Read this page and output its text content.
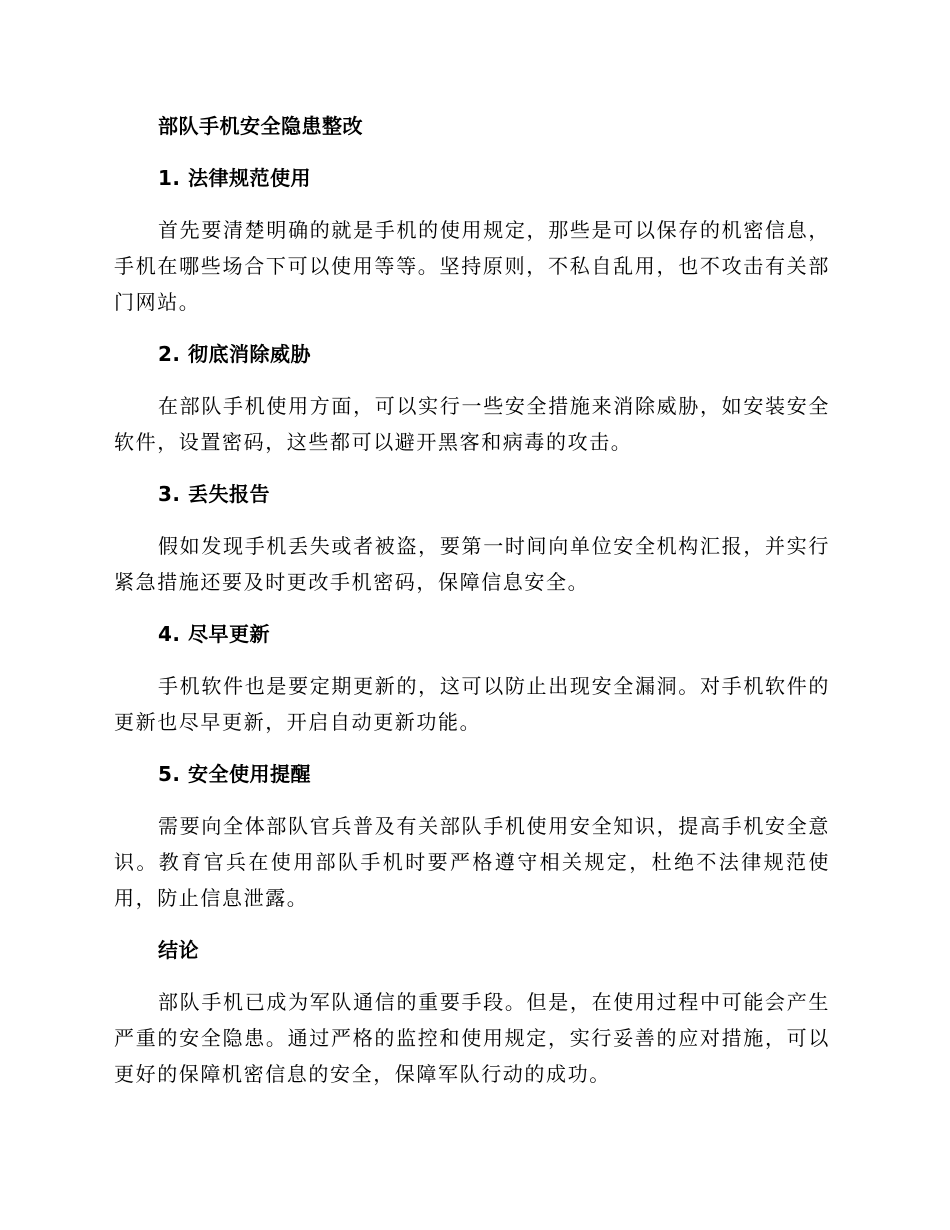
部队手机安全隐患整改
1. 法律规范使用

首先要清楚明确的就是手机的使用规定，那些是可以保存的机密信息，手机在哪些场合下可以使用等等。坚持原则，不私自乱用，也不攻击有关部门网站。

2. 彻底消除威胁

在部队手机使用方面，可以实行一些安全措施来消除威胁，如安装安全软件，设置密码，这些都可以避开黑客和病毒的攻击。

3. 丢失报告

假如发现手机丢失或者被盗，要第一时间向单位安全机构汇报，并实行紧急措施还要及时更改手机密码，保障信息安全。

4. 尽早更新

手机软件也是要定期更新的，这可以防止出现安全漏洞。对手机软件的更新也尽早更新，开启自动更新功能。

5. 安全使用提醒

需要向全体部队官兵普及有关部队手机使用安全知识，提高手机安全意识。教育官兵在使用部队手机时要严格遵守相关规定，杜绝不法律规范使用，防止信息泄露。

结论

部队手机已成为军队通信的重要手段。但是，在使用过程中可能会产生严重的安全隐患。通过严格的监控和使用规定，实行妥善的应对措施，可以更好的保障机密信息的安全，保障军队行动的成功。
